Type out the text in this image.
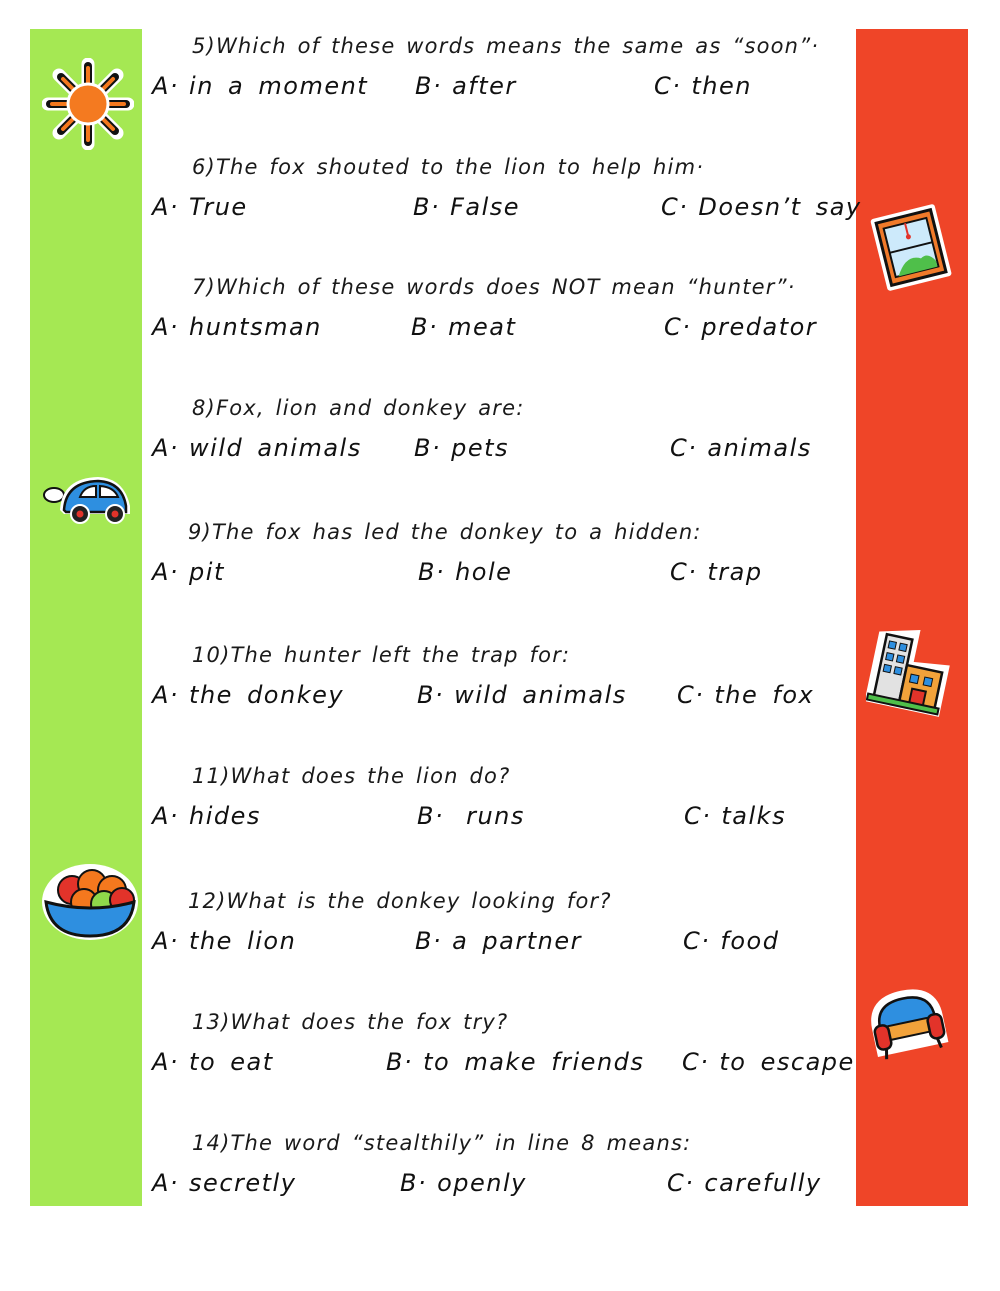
5)Which of these words means the same as “soon”·
A· in a moment B· after	C· then
6)The fox shouted to the lion to help him·
A· True	B· False	C· Doesn’t say
7)Which of these words does NOT mean “hunter”·
A· huntsman	B· meat	C· predator
8)Fox, lion and donkey are:
A· wild animals B· pets	C· animals
9)The fox has led the donkey to a hidden:
A· pit	B· hole	C· trap
10)The hunter left the trap for:
A· the donkey	B· wild animals C· the fox
11)What does the lion do?
A· hides	B· runs	C· talks
12)What is the donkey looking for?
A· the lion	B· a partner	C· food
13)What does the fox try?
A· to eat	B· to make friends C· to escape
14)The word “stealthily” in line 8 means:
A· secretly	B· openly	C· carefully
